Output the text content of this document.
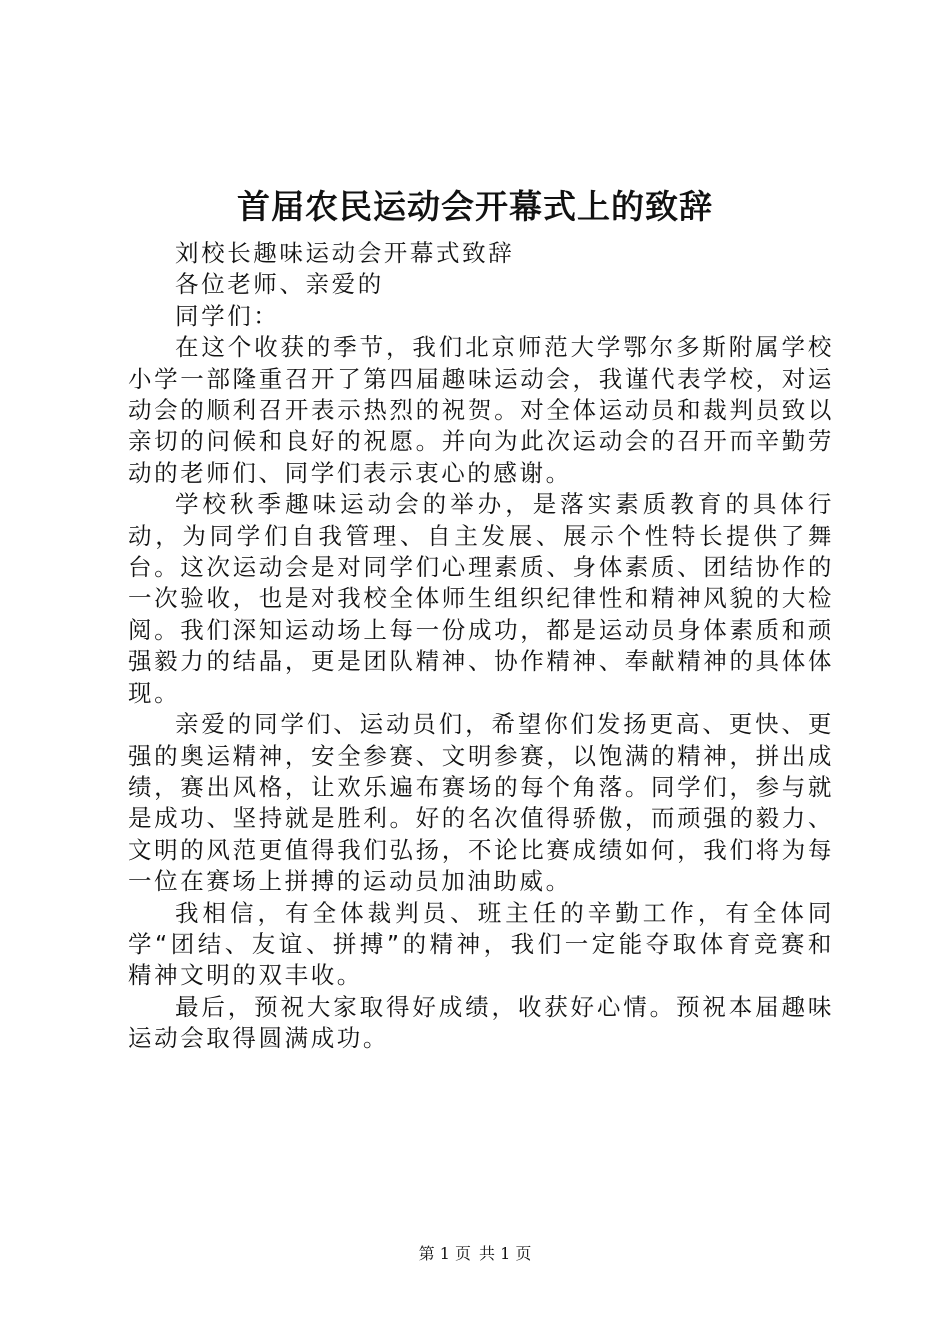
首届农民运动会开幕式上的致辞

刘校长趣味运动会开幕式致辞

各位老师、亲爱的

同学们：

在这个收获的季节，我们北京师范大学鄂尔多斯附属学校小学一部隆重召开了第四届趣味运动会，我谨代表学校，对运动会的顺利召开表示热烈的祝贺。对全体运动员和裁判员致以亲切的问候和良好的祝愿。并向为此次运动会的召开而辛勤劳动的老师们、同学们表示衷心的感谢。

学校秋季趣味运动会的举办，是落实素质教育的具体行动，为同学们自我管理、自主发展、展示个性特长提供了舞台。这次运动会是对同学们心理素质、身体素质、团结协作的一次验收，也是对我校全体师生组织纪律性和精神风貌的大检阅。我们深知运动场上每一份成功，都是运动员身体素质和顽强毅力的结晶，更是团队精神、协作精神、奉献精神的具体体现。

亲爱的同学们、运动员们，希望你们发扬更高、更快、更强的奥运精神，安全参赛、文明参赛，以饱满的精神，拼出成绩，赛出风格，让欢乐遍布赛场的每个角落。同学们，参与就是成功、坚持就是胜利。好的名次值得骄傲，而顽强的毅力、文明的风范更值得我们弘扬，不论比赛成绩如何，我们将为每一位在赛场上拼搏的运动员加油助威。

我相信，有全体裁判员、班主任的辛勤工作，有全体同学“团结、友谊、拼搏”的精神，我们一定能夺取体育竞赛和精神文明的双丰收。

最后，预祝大家取得好成绩，收获好心情。预祝本届趣味运动会取得圆满成功。

第 1 页 共 1 页
